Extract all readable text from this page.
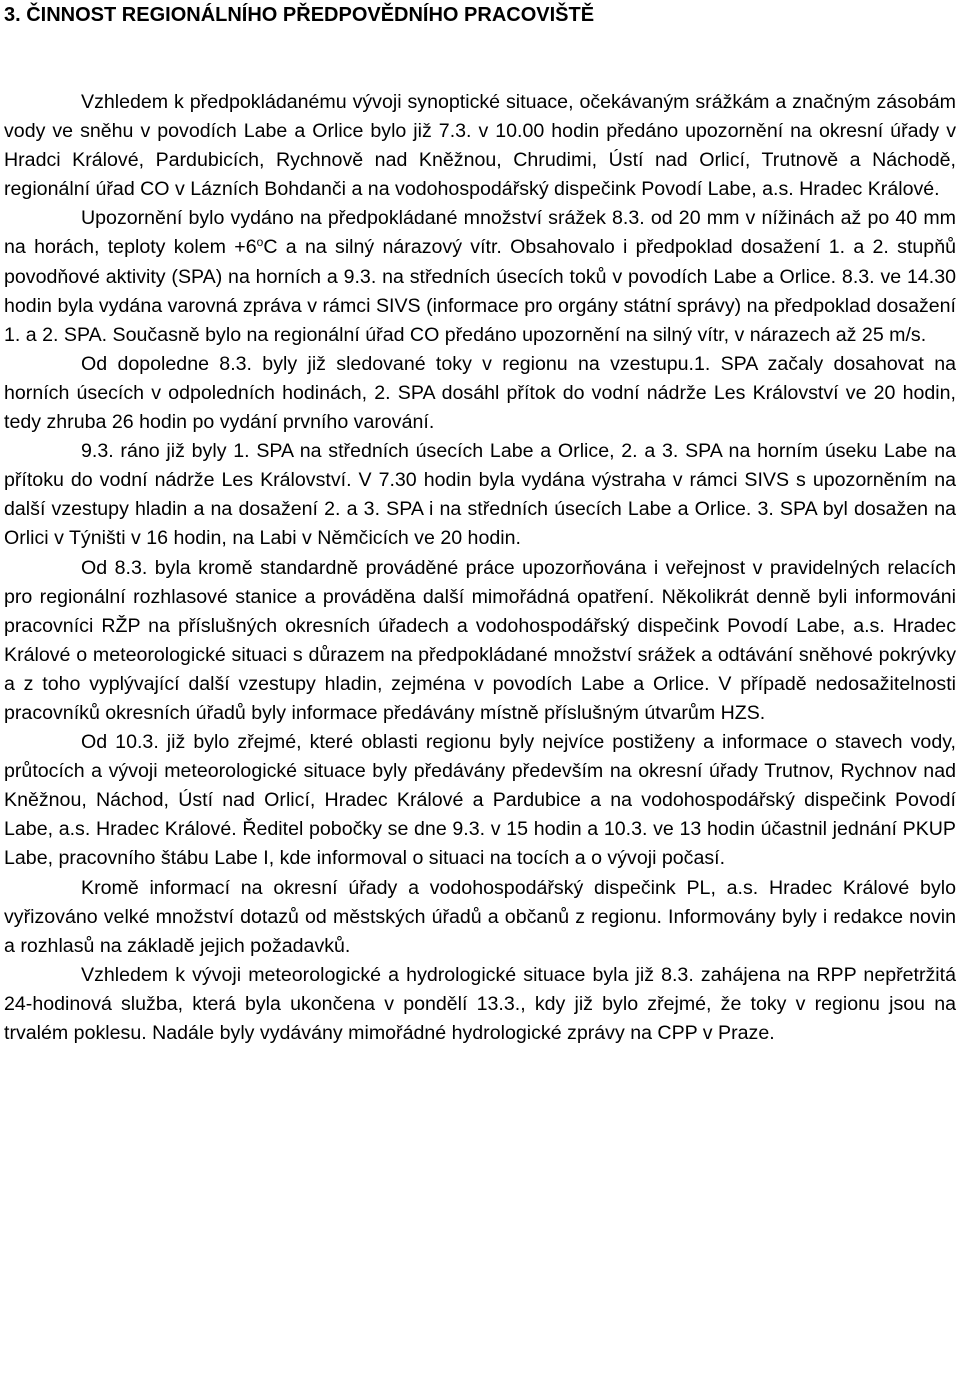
3. ČINNOST REGIONÁLNÍHO PŘEDPOVĚDNÍHO PRACOVIŠTĚ

Vzhledem k předpokládanému vývoji synoptické situace, očekávaným srážkám a značným zásobám vody ve sněhu v povodích Labe a Orlice bylo již 7.3. v 10.00 hodin předáno upozornění na okresní úřady v Hradci Králové, Pardubicích, Rychnově nad Kněžnou, Chrudimi, Ústí nad Orlicí, Trutnově a Náchodě, regionální úřad CO v Lázních Bohdanči a na vodohospodářský dispečink Povodí Labe, a.s. Hradec Králové.

Upozornění bylo vydáno na předpokládané množství srážek 8.3. od 20 mm v nížinách až po 40 mm na horách, teploty kolem $+6^oC$ a na silný nárazový vítr. Obsahovalo i předpoklad dosažení 1. a 2. stupňů povodňové aktivity (SPA) na horních a 9.3. na středních úsecích toků v povodích Labe a Orlice. 8.3. ve 14.30 hodin byla vydána varovná zpráva v rámci SIVS (informace pro orgány státní správy) na předpoklad dosažení 1. a 2. SPA. Současně bylo na regionální úřad CO předáno upozornění na silný vítr, v nárazech až 25 m/s.

Od dopoledne 8.3. byly již sledované toky v regionu na vzestupu.1. SPA začaly dosahovat na horních úsecích v odpoledních hodinách, 2. SPA dosáhl přítok do vodní nádrže Les Království ve 20 hodin, tedy zhruba 26 hodin po vydání prvního varování.

9.3. ráno již byly 1. SPA na středních úsecích Labe a Orlice, 2. a 3. SPA na horním úseku Labe na přítoku do vodní nádrže Les Království. V 7.30 hodin byla vydána výstraha v rámci SIVS s upozorněním na další vzestupy hladin a na dosažení 2. a 3. SPA i na středních úsecích Labe a Orlice. 3. SPA byl dosažen na Orlici v Týništi v 16 hodin, na Labi v Němčicích ve 20 hodin.

Od 8.3. byla kromě standardně prováděné práce upozorňována i veřejnost v pravidelných relacích pro regionální rozhlasové stanice a prováděna další mimořádná opatření. Několikrát denně byli informováni pracovníci RŽP na příslušných okresních úřadech a vodohospodářský dispečink Povodí Labe, a.s. Hradec Králové o meteorologické situaci s důrazem na předpokládané množství srážek a odtávání sněhové pokrývky a z toho vyplývající další vzestupy hladin, zejména v povodích Labe a Orlice. V případě nedosažitelnosti pracovníků okresních úřadů byly informace předávány místně příslušným útvarům HZS.

Od 10.3. již bylo zřejmé, které oblasti regionu byly nejvíce postiženy a informace o stavech vody, průtocích a vývoji meteorologické situace byly předávány především na okresní úřady Trutnov, Rychnov nad Kněžnou, Náchod, Ústí nad Orlicí, Hradec Králové a Pardubice a na vodohospodářský dispečink Povodí Labe, a.s. Hradec Králové. Ředitel pobočky se dne 9.3. v 15 hodin a 10.3. ve 13 hodin účastnil jednání PKUP Labe, pracovního štábu Labe I, kde informoval o situaci na tocích a o vývoji počasí.

Kromě informací na okresní úřady a vodohospodářský dispečink PL, a.s. Hradec Králové bylo vyřizováno velké množství dotazů od městských úřadů a občanů z regionu. Informovány byly i redakce novin a rozhlasů na základě jejich požadavků.

Vzhledem k vývoji meteorologické a hydrologické situace byla již 8.3. zahájena na RPP nepřetržitá 24-hodinová služba, která byla ukončena v pondělí 13.3., kdy již bylo zřejmé, že toky v regionu jsou na trvalém poklesu. Nadále byly vydávány mimořádné hydrologické zprávy na CPP v Praze.
